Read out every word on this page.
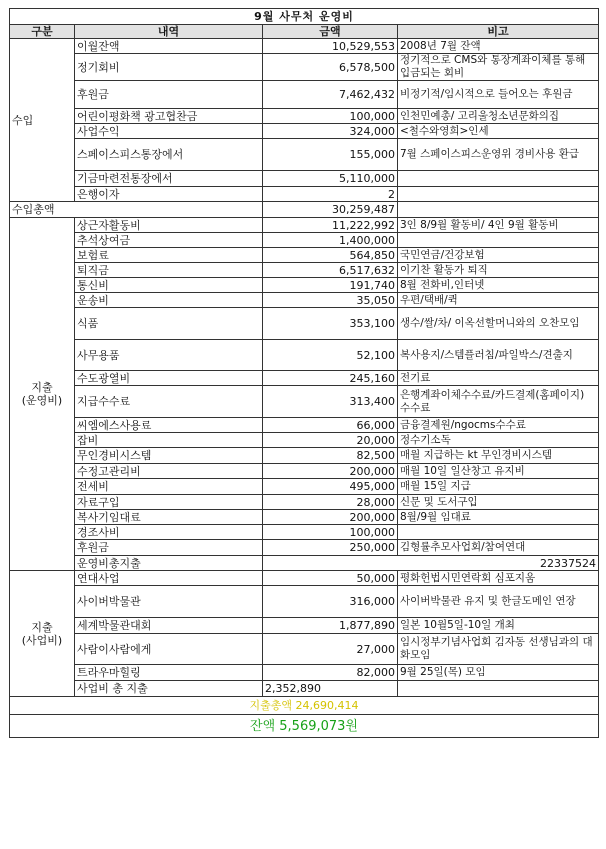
9월 사무처 운영비			
구분	내역	금액	비고
수입	이월잔액	10,529,553	2008년 7월 잔액
	정기회비	6,578,500	정기적으로 CMS와 통장계좌이체를 통해 입금되는 회비
	후원금	7,462,432	비정기적/임시적으로 들어오는 후원금
	어린이평화책 광고협찬금	100,000	인천민예총/ 고리울청소년문화의집
	사업수익	324,000	<철수와영희>인세
	스페이스피스통장에서	155,000	7월 스페이스피스운영위 경비사용 환급
	기금마련전통장에서	5,110,000	
	은행이자	2	
수입총액		30,259,487	

지출
(운영비)	상근자활동비	11,222,992	3인 8/9월 활동비/ 4인 9월 활동비
	추석상여금	1,400,000	
	보험료	564,850	국민연금/건강보험
	퇴직금	6,517,632	이기찬 활동가 퇴직
	통신비	191,740	8월 전화비,인터넷
	운송비	35,050	우편/택배/퀵
	식품	353,100	생수/쌀/차/ 이옥선할머니와의 오찬모임
	사무용품	52,100	복사용지/스템플러침/파일박스/견출지
	수도광열비	245,160	전기료
	지급수수료	313,400	은행계좌이체수수료/카드결제(홈페이지) 수수료
	씨엠에스사용료	66,000	금융결제원/ngocms수수료
	잡비	20,000	정수기소독
	무인경비시스템	82,500	매월 지급하는 kt 무인경비시스템
	수정고관리비	200,000	매월 10일 일산창고 유지비
	전세비	495,000	매월 15일 지급
	자료구입	28,000	신문 및 도서구입
	복사기임대료	200,000	8월/9월 임대료
	경조사비	100,000	
	후원금	250,000	김형률추모사업회/참여연대
	운영비총지출	22337524	

지출
(사업비)	연대사업	50,000	평화헌법시민연락회 심포지움
	사이버박물관	316,000	사이버박물관 유지 및 한글도메인 연장
	세계박물관대회	1,877,890	일본 10월5일-10일 개최
	사람이사람에게	27,000	임시정부기념사업회 김자동 선생님과의 대화모임
	트라우마힐링	82,000	9월 25일(목) 모임
	사업비 총 지출	2,352,890	
지출총액 24,690,414			
잔액 5,569,073원			
